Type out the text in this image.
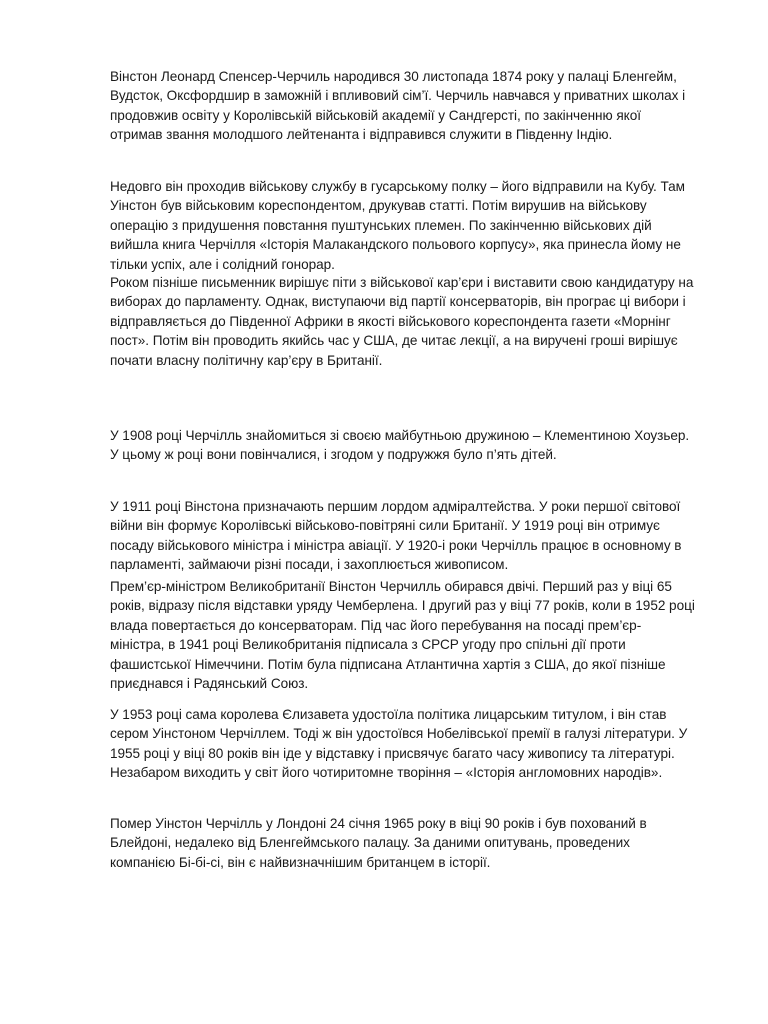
Вінстон Леонард Спенсер-Черчиль народився 30 листопада 1874 року у палаці Бленгейм, Вудсток, Оксфордшир в заможній і впливовий сім’ї. Черчиль навчався у приватних школах і продовжив освіту у Королівській військовій академії у Сандгерсті, по закінченню якої отримав звання молодшого лейтенанта і відправився служити в Південну Індію.

Недовго він проходив військову службу в гусарському полку – його відправили на Кубу. Там Уінстон був військовим кореспондентом, друкував статті. Потім вирушив на військову операцію з придушення повстання пуштунських племен. По закінченню військових дій вийшла книга Черчілля «Історія Малакандского польового корпусу», яка принесла йому не тільки успіх, але і солідний гонорар.

Роком пізніше письменник вирішує піти з військової кар’єри і виставити свою кандидатуру на виборах до парламенту. Однак, виступаючи від партії консерваторів, він програє ці вибори і відправляється до Південної Африки в якості військового кореспондента газети «Морнінг пост». Потім він проводить якийсь час у США, де читає лекції, а на виручені гроші вирішує почати власну політичну кар’єру в Британії.

У 1908 році Черчілль знайомиться зі своєю майбутньою дружиною – Клементиною Хоузьер. У цьому ж році вони повінчалися, і згодом у подружжя було п’ять дітей.

У 1911 році Вінстона призначають першим лордом адміралтейства. У роки першої світової війни він формує Королівські військово-повітряні сили Британії. У 1919 році він отримує посаду військового міністра і міністра авіації. У 1920-і роки Черчілль працює в основному в парламенті, займаючи різні посади, і захоплюється живописом.

Прем’єр-міністром Великобританії Вінстон Черчилль обирався двічі. Перший раз у віці 65 років, відразу після відставки уряду Чемберлена. І другий раз у віці 77 років, коли в 1952 році влада повертається до консерваторам. Під час його перебування на посаді прем’єр-міністра, в 1941 році Великобританія підписала з СРСР угоду про спільні дії проти фашистської Німеччини. Потім була підписана Атлантична хартія з США, до якої пізніше приєднався і Радянський Союз.

У 1953 році сама королева Єлизавета удостоїла політика лицарським титулом, і він став сером Уінстоном Черчіллем. Тоді ж він удостоївся Нобелівської премії в галузі літератури. У 1955 році у віці 80 років він іде у відставку і присвячує багато часу живопису та літературі. Незабаром виходить у світ його чотиритомне творіння – «Історія англомовних народів».

Помер Уінстон Черчілль у Лондоні 24 січня 1965 року в віці 90 років і був похований в Блейдоні, недалеко від Бленгеймського палацу. За даними опитувань, проведених компанією Бі-бі-сі, він є найвизначнішим британцем в історії.
